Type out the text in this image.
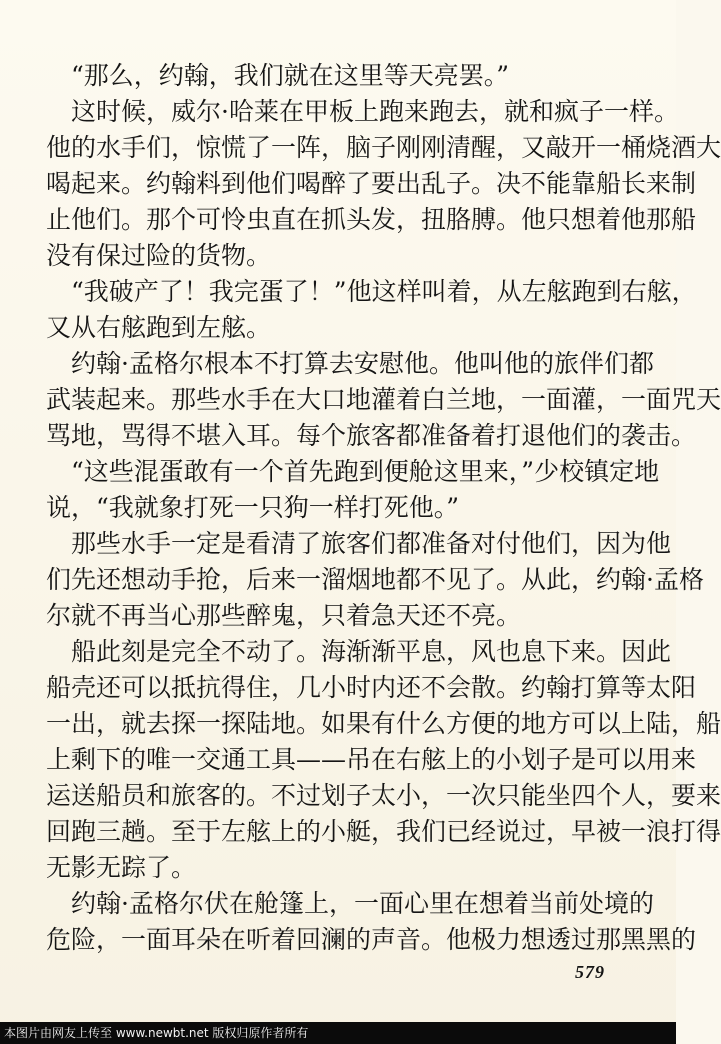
　“那么，约翰，我们就在这里等天亮罢。”

　这时候，威尔·哈莱在甲板上跑来跑去，就和疯子一样。

他的水手们，惊慌了一阵，脑子刚刚清醒，又敲开一桶烧酒大

喝起来。约翰料到他们喝醉了要出乱子。决不能靠船长来制

止他们。那个可怜虫直在抓头发，扭胳膊。他只想着他那船

没有保过险的货物。

　“我破产了！我完蛋了！”他这样叫着，从左舷跑到右舷，

又从右舷跑到左舷。

　约翰·孟格尔根本不打算去安慰他。他叫他的旅伴们都

武装起来。那些水手在大口地灌着白兰地，一面灌，一面咒天

骂地，骂得不堪入耳。每个旅客都准备着打退他们的袭击。

　“这些混蛋敢有一个首先跑到便舱这里来，”少校镇定地

说，“我就象打死一只狗一样打死他。”

　那些水手一定是看清了旅客们都准备对付他们，因为他

们先还想动手抢，后来一溜烟地都不见了。从此，约翰·孟格

尔就不再当心那些醉鬼，只着急天还不亮。

　船此刻是完全不动了。海渐渐平息，风也息下来。因此

船壳还可以抵抗得住，几小时内还不会散。约翰打算等太阳

一出，就去探一探陆地。如果有什么方便的地方可以上陆，船

上剩下的唯一交通工具——吊在右舷上的小划子是可以用来

运送船员和旅客的。不过划子太小，一次只能坐四个人，要来

回跑三趟。至于左舷上的小艇，我们已经说过，早被一浪打得

无影无踪了。

　约翰·孟格尔伏在舱篷上，一面心里在想着当前处境的

危险，一面耳朵在听着回澜的声音。他极力想透过那黑黑的

579

本图片由网友上传至 www.newbt.net 版权归原作者所有
